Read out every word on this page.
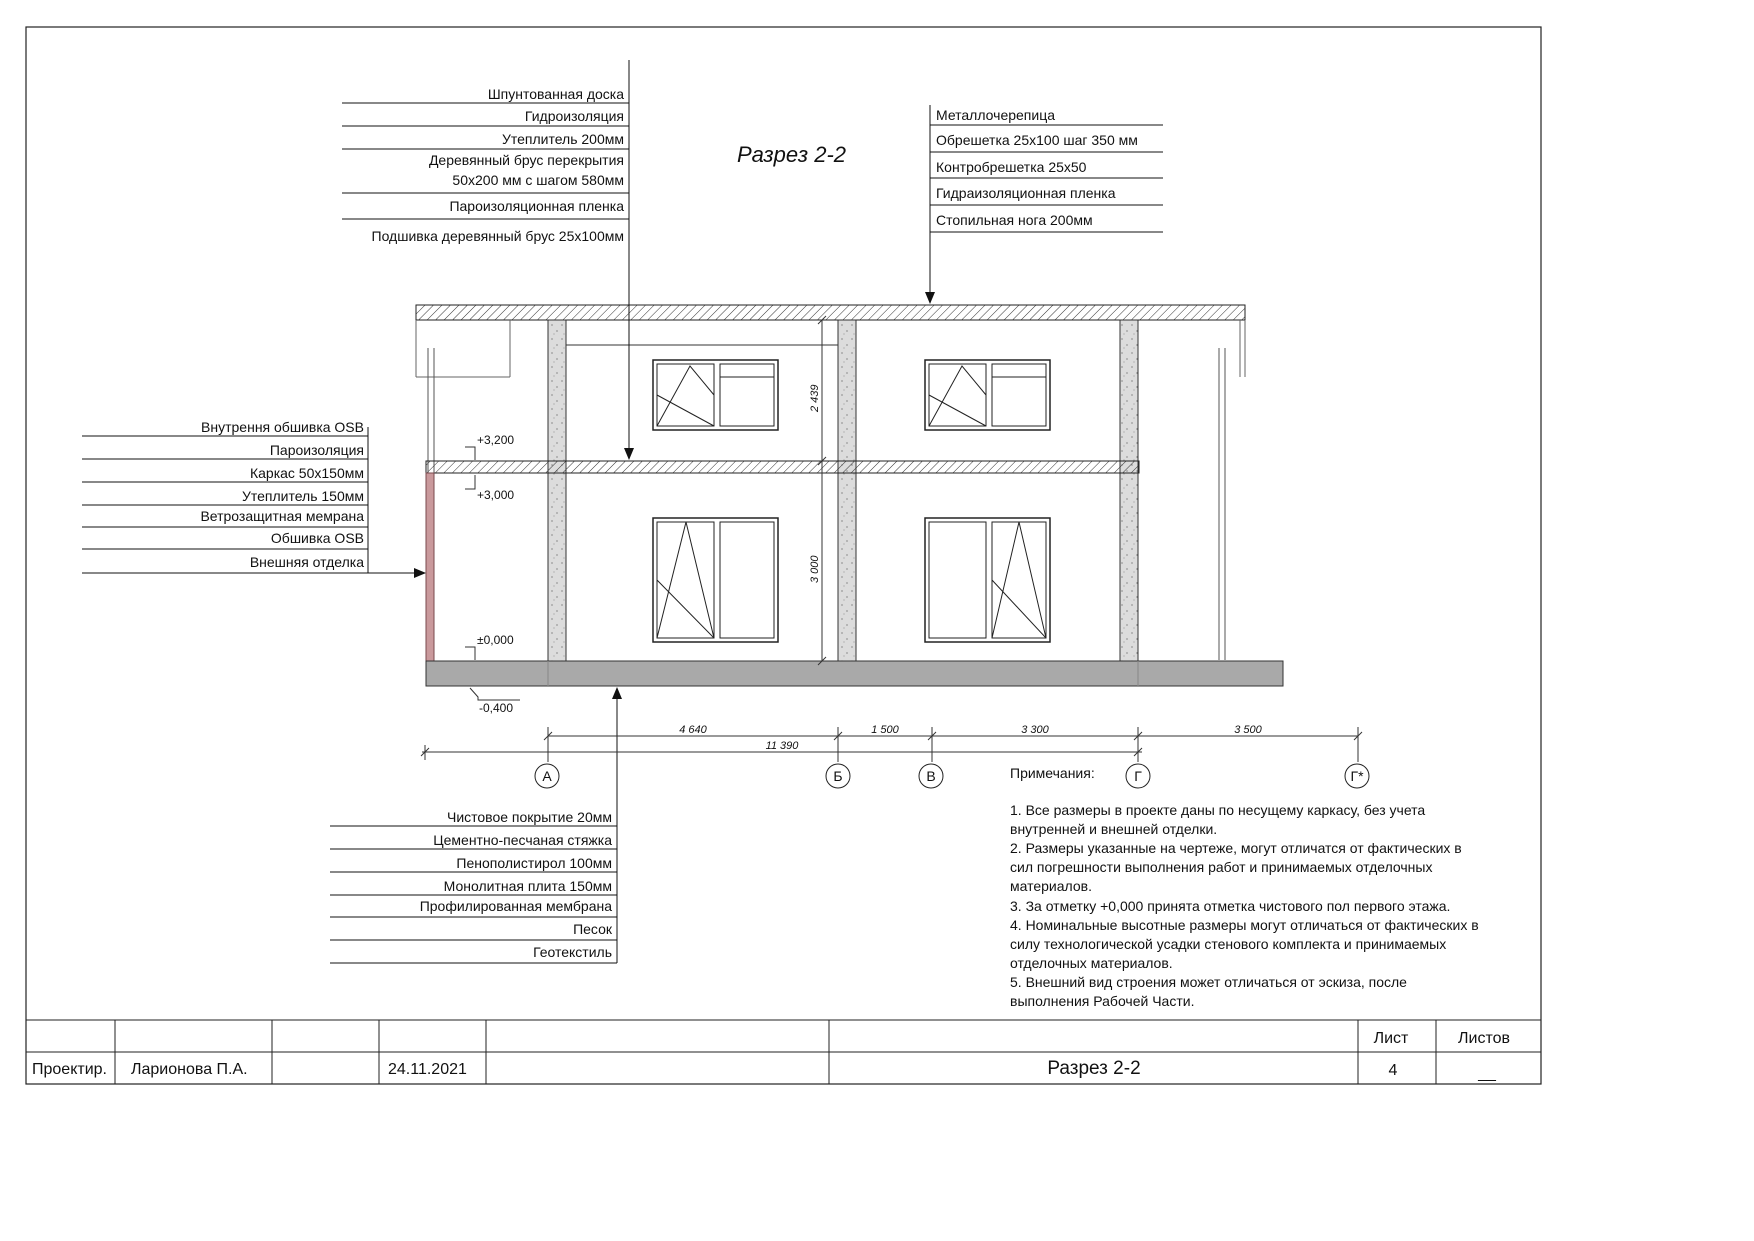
Разрез 2-2
2 439
3 000
+3,200
+3,000
±0,000
-0,400
Металлочерепица
Обрешетка 25х100 шаг 350 мм
Контробрешетка 25х50
Гидраизоляционная пленка
Стопильная нога 200мм
Шпунтованная доска
Гидроизоляция
Утеплитель 200мм
Деревянный брус перекрытия
50х200 мм с шагом 580мм
Пароизоляционная пленка
Подшивка деревянный брус 25х100мм
Внутрення обшивка OSB
Пароизоляция
Каркас 50х150мм
Утеплитель 150мм
Ветрозащитная мемрана
Обшивка OSB
Внешняя отделка
Чистовое покрытие 20мм
Цементно-песчаная стяжка
Пенополистирол 100мм
Монолитная плита 150мм
Профилированная мембрана
Песок
Геотекстиль
4 640	1 500	3 300	3 500
11 390
А	Б	В	Г	Г*
Примечания:
1. Все размеры в проекте даны по несущему каркасу, без учета
внутренней и внешней отделки.
2. Размеры указанные на чертеже, могут отличатся от фактических в
сил погрешности выполнения работ и принимаемых отделочных
материалов.
3. За отметку +0,000 принята отметка чистового пол первого этажа.
4. Номинальные высотные размеры могут отличаться от фактических в
силу технологической усадки стенового комплекта и принимаемых
отделочных материалов.
5. Внешний вид строения может отличаться от эскиза, после
выполнения Рабочей Части.
Проектир. Ларионова П.А.	24.11.2021	Разрез 2-2
Лист	Листов
4	__
